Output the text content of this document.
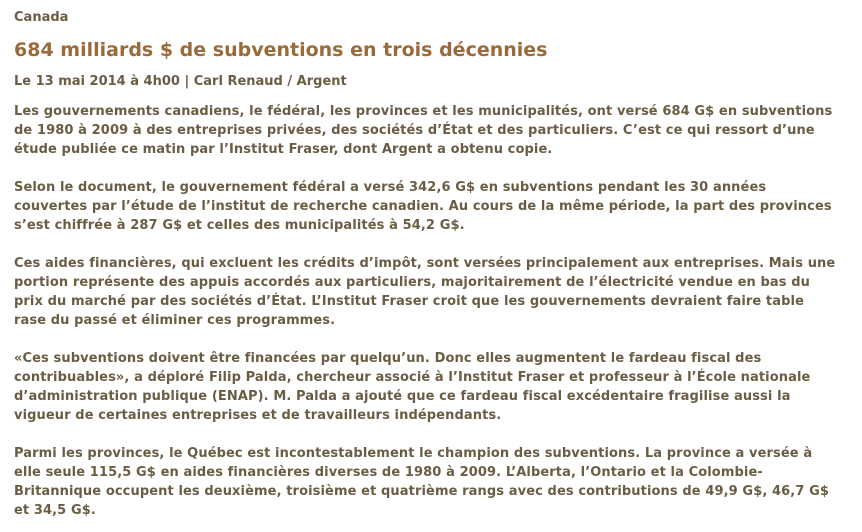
Canada
684 milliards $ de subventions en trois décennies
Le 13 mai 2014 à 4h00 | Carl Renaud / Argent

Les gouvernements canadiens, le fédéral, les provinces et les municipalités, ont versé 684 G$ en subventions de 1980 à 2009 à des entreprises privées, des sociétés d’État et des particuliers. C’est ce qui ressort d’une étude publiée ce matin par l’Institut Fraser, dont Argent a obtenu copie.

Selon le document, le gouvernement fédéral a versé 342,6 G$ en subventions pendant les 30 années couvertes par l’étude de l’institut de recherche canadien. Au cours de la même période, la part des provinces s’est chiffrée à 287 G$ et celles des municipalités à 54,2 G$.

Ces aides financières, qui excluent les crédits d’impôt, sont versées principalement aux entreprises. Mais une portion représente des appuis accordés aux particuliers, majoritairement de l’électricité vendue en bas du prix du marché par des sociétés d’État. L’Institut Fraser croit que les gouvernements devraient faire table rase du passé et éliminer ces programmes.

«Ces subventions doivent être financées par quelqu’un. Donc elles augmentent le fardeau fiscal des contribuables», a déploré Filip Palda, chercheur associé à l’Institut Fraser et professeur à l’École nationale d’administration publique (ENAP). M. Palda a ajouté que ce fardeau fiscal excédentaire fragilise aussi la vigueur de certaines entreprises et de travailleurs indépendants.

Parmi les provinces, le Québec est incontestablement le champion des subventions. La province a versée à elle seule 115,5 G$ en aides financières diverses de 1980 à 2009. L’Alberta, l’Ontario et la Colombie-Britannique occupent les deuxième, troisième et quatrième rangs avec des contributions de 49,9 G$, 46,7 G$ et 34,5 G$.
